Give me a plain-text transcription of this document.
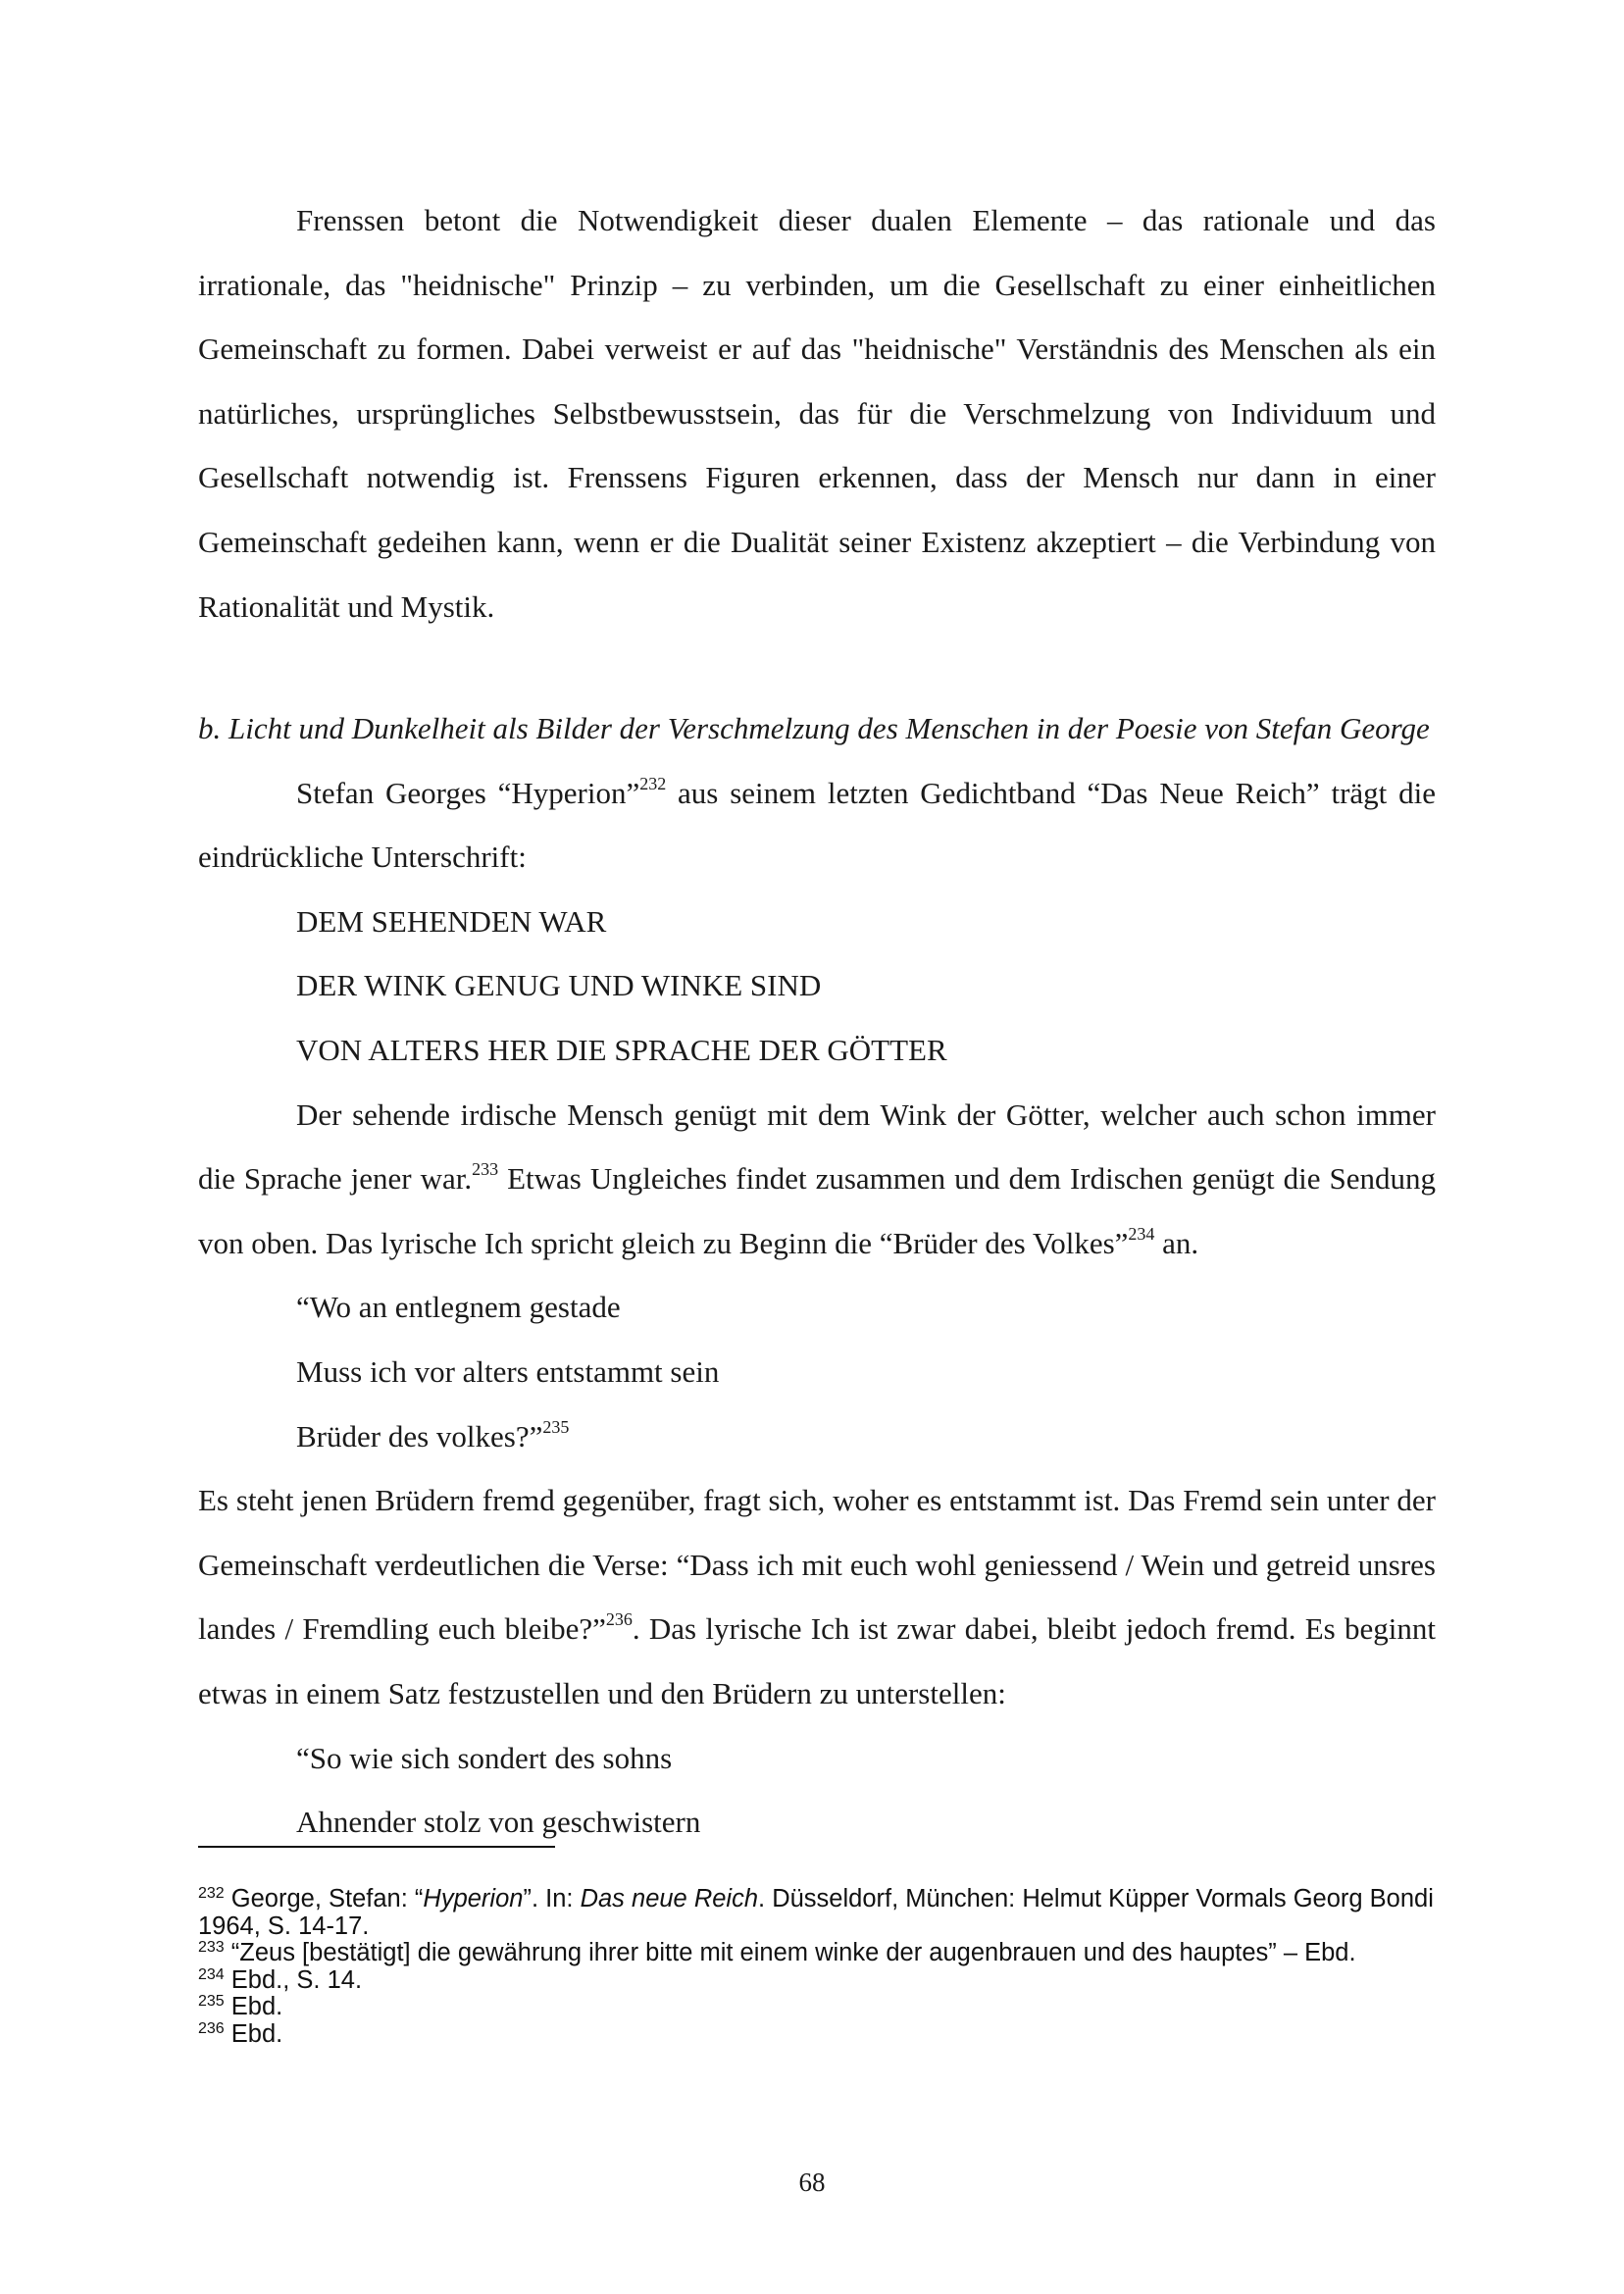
Frenssen betont die Notwendigkeit dieser dualen Elemente – das rationale und das irrationale, das "heidnische" Prinzip – zu verbinden, um die Gesellschaft zu einer einheitlichen Gemeinschaft zu formen. Dabei verweist er auf das "heidnische" Verständnis des Menschen als ein natürliches, ursprüngliches Selbstbewusstsein, das für die Verschmelzung von Individuum und Gesellschaft notwendig ist. Frenssens Figuren erkennen, dass der Mensch nur dann in einer Gemeinschaft gedeihen kann, wenn er die Dualität seiner Existenz akzeptiert – die Verbindung von Rationalität und Mystik.

b. Licht und Dunkelheit als Bilder der Verschmelzung des Menschen in der Poesie von Stefan George

Stefan Georges “Hyperion”$^{232}$ aus seinem letzten Gedichtband “Das Neue Reich” trägt die eindrückliche Unterschrift:

DEM SEHENDEN WAR

DER WINK GENUG UND WINKE SIND

VON ALTERS HER DIE SPRACHE DER GÖTTER

Der sehende irdische Mensch genügt mit dem Wink der Götter, welcher auch schon immer die Sprache jener war.$^{233}$ Etwas Ungleiches findet zusammen und dem Irdischen genügt die Sendung von oben. Das lyrische Ich spricht gleich zu Beginn die “Brüder des Volkes”$^{234}$ an.

“Wo an entlegnem gestade

Muss ich vor alters entstammt sein

Brüder des volkes?”$^{235}$

Es steht jenen Brüdern fremd gegenüber, fragt sich, woher es entstammt ist. Das Fremd sein unter der Gemeinschaft verdeutlichen die Verse: “Dass ich mit euch wohl geniessend / Wein und getreid unsres landes / Fremdling euch bleibe?”$^{236}$. Das lyrische Ich ist zwar dabei, bleibt jedoch fremd. Es beginnt etwas in einem Satz festzustellen und den Brüdern zu unterstellen:

“So wie sich sondert des sohns

Ahnender stolz von geschwistern

$^{232}$ George, Stefan: “Hyperion”. In: Das neue Reich. Düsseldorf, München: Helmut Küpper Vormals Georg Bondi 1964, S. 14-17.

$^{233}$ “Zeus [bestätigt] die gewährung ihrer bitte mit einem winke der augenbrauen und des hauptes” – Ebd.

$^{234}$ Ebd., S. 14.

$^{235}$ Ebd.

$^{236}$ Ebd.

68
